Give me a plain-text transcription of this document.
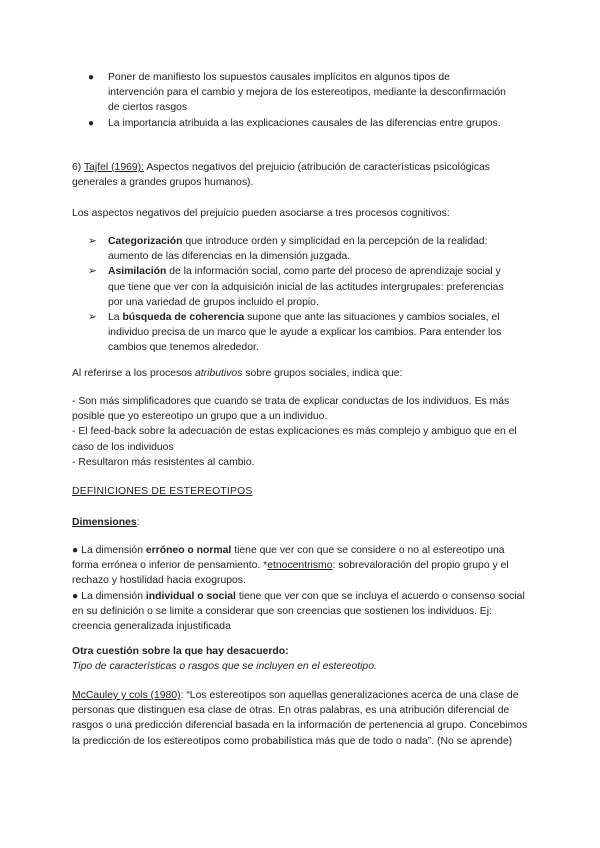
● Poner de manifiesto los supuestos causales implícitos en algunos tipos de intervención para el cambio y mejora de los estereotipos, mediante la desconfirmación de ciertos rasgos
● La importancia atribuida a las explicaciones causales de las diferencias entre grupos.

6) Tajfel (1969): Aspectos negativos del prejuicio (atribución de características psicológicas generales a grandes grupos humanos).

Los aspectos negativos del prejuicio pueden asociarse a tres procesos cognitivos:

➢ Categorización que introduce orden y simplicidad en la percepción de la realidad: aumento de las diferencias en la dimensión juzgada.
➢ Asimilación de la información social, como parte del proceso de aprendizaje social y que tiene que ver con la adquisición inicial de las actitudes intergrupales: preferencias por una variedad de grupos incluido el propio.
➢ La búsqueda de coherencia supone que ante las situaciones y cambios sociales, el individuo precisa de un marco que le ayude a explicar los cambios. Para entender los cambios que tenemos alrededor.

Al referirse a los procesos atributivos sobre grupos sociales, indica que:

- Son más simplificadores que cuando se trata de explicar conductas de los individuos. Es más posible que yo estereotipo un grupo que a un individuo.

- El feed-back sobre la adecuación de estas explicaciones es más complejo y ambiguo que en el caso de los individuos

- Resultaron más resistentes al cambio.

DEFINICIONES DE ESTEREOTIPOS

Dimensiones:

● La dimensión erróneo o normal tiene que ver con que se considere o no al estereotipo una forma errónea o inferior de pensamiento. *etnocentrismo: sobrevaloración del propio grupo y el rechazo y hostilidad hacia exogrupos.

● La dimensión individual o social tiene que ver con que se incluya el acuerdo o consenso social en su definición o se limite a considerar que son creencias que sostienen los individuos. Ej: creencia generalizada injustificada

Otra cuestión sobre la que hay desacuerdo:

Tipo de características o rasgos que se incluyen en el estereotipo.

McCauley y cols (1980): “Los estereotipos son aquellas generalizaciones acerca de una clase de personas que distinguen esa clase de otras. En otras palabras, es una atribución diferencial de rasgos o una predicción diferencial basada en la información de pertenencia al grupo. Concebimos la predicción de los estereotipos como probabilística más que de todo o nada”. (No se aprende)
